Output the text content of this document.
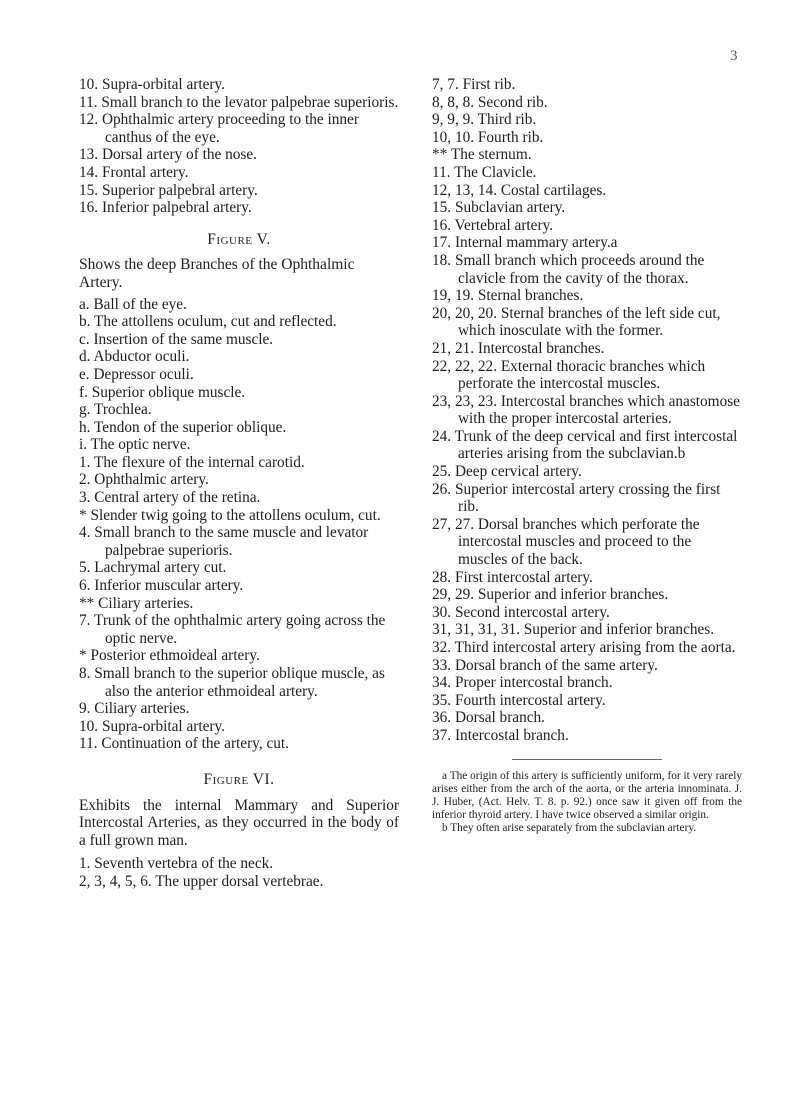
3

10. Supra-orbital artery.

11. Small branch to the levator palpebrae superioris.

12. Ophthalmic artery proceeding to the inner canthus of the eye.

13. Dorsal artery of the nose.

14. Frontal artery.

15. Superior palpebral artery.

16. Inferior palpebral artery.

Figure V.

Shows the deep Branches of the Ophthalmic Artery.

a. Ball of the eye.

b. The attollens oculum, cut and reflected.

c. Insertion of the same muscle.

d. Abductor oculi.

e. Depressor oculi.

f. Superior oblique muscle.

g. Trochlea.

h. Tendon of the superior oblique.

i. The optic nerve.

1. The flexure of the internal carotid.

2. Ophthalmic artery.

3. Central artery of the retina.

* Slender twig going to the attollens oculum, cut.

4. Small branch to the same muscle and levator palpebrae superioris.

5. Lachrymal artery cut.

6. Inferior muscular artery.

** Ciliary arteries.

7. Trunk of the ophthalmic artery going across the optic nerve.

* Posterior ethmoideal artery.

8. Small branch to the superior oblique muscle, as also the anterior ethmoideal artery.

9. Ciliary arteries.

10. Supra-orbital artery.

11. Continuation of the artery, cut.

Figure VI.

Exhibits the internal Mammary and Superior Intercostal Arteries, as they occurred in the body of a full grown man.

1. Seventh vertebra of the neck.

2, 3, 4, 5, 6. The upper dorsal vertebrae.

7, 7. First rib.

8, 8, 8. Second rib.

9, 9, 9. Third rib.

10, 10. Fourth rib.

** The sternum.

11. The Clavicle.

12, 13, 14. Costal cartilages.

15. Subclavian artery.

16. Vertebral artery.

17. Internal mammary artery.a

18. Small branch which proceeds around the clavicle from the cavity of the thorax.

19, 19. Sternal branches.

20, 20, 20. Sternal branches of the left side cut, which inosculate with the former.

21, 21. Intercostal branches.

22, 22, 22. External thoracic branches which perforate the intercostal muscles.

23, 23, 23. Intercostal branches which anastomose with the proper intercostal arteries.

24. Trunk of the deep cervical and first intercostal arteries arising from the subclavian.b

25. Deep cervical artery.

26. Superior intercostal artery crossing the first rib.

27, 27. Dorsal branches which perforate the intercostal muscles and proceed to the muscles of the back.

28. First intercostal artery.

29, 29. Superior and inferior branches.

30. Second intercostal artery.

31, 31, 31, 31. Superior and inferior branches.

32. Third intercostal artery arising from the aorta.

33. Dorsal branch of the same artery.

34. Proper intercostal branch.

35. Fourth intercostal artery.

36. Dorsal branch.

37. Intercostal branch.

a The origin of this artery is sufficiently uniform, for it very rarely arises either from the arch of the aorta, or the arteria innominata. J. J. Huber, (Act. Helv. T. 8. p. 92.) once saw it given off from the inferior thyroid artery. I have twice observed a similar origin.

b They often arise separately from the subclavian artery.
